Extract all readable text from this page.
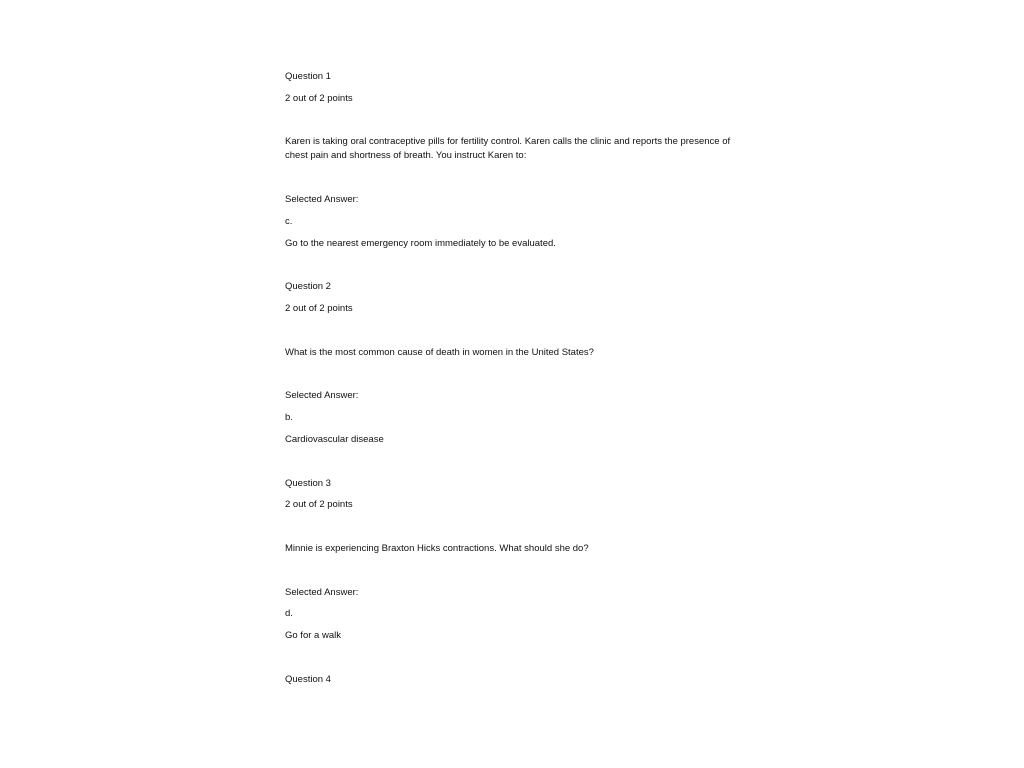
Question 1
2 out of 2 points
Karen is taking oral contraceptive pills for fertility control. Karen calls the clinic and reports the presence of chest pain and shortness of breath. You instruct Karen to:
Selected Answer:
c.
Go to the nearest emergency room immediately to be evaluated.
Question 2
2 out of 2 points
What is the most common cause of death in women in the United States?
Selected Answer:
b.
Cardiovascular disease
Question 3
2 out of 2 points
Minnie is experiencing Braxton Hicks contractions. What should she do?
Selected Answer:
d.
Go for a walk
Question 4
